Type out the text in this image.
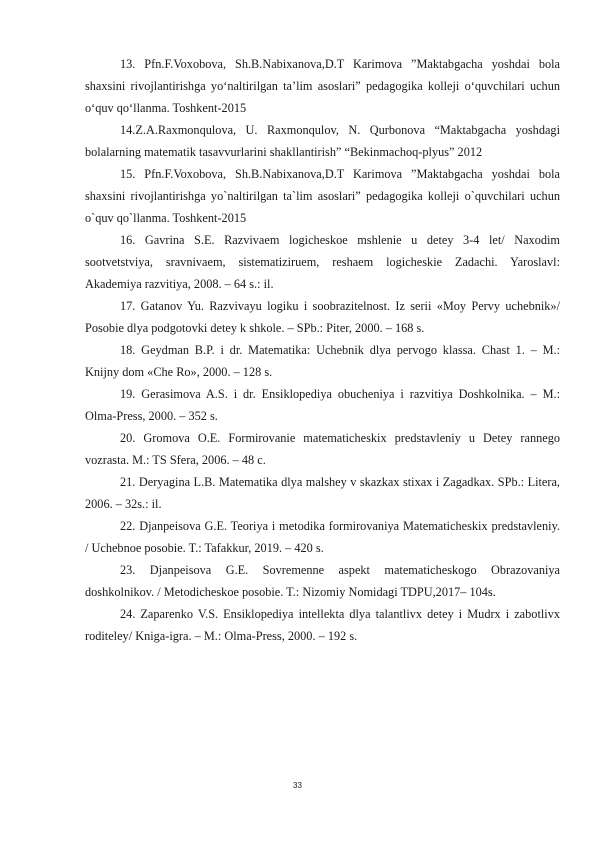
13. Pfn.F.Voxobova, Sh.B.Nabixanova,D.T Karimova ”Maktabgacha yoshdai bola shaxsini rivojlantirishga yo‘naltirilgan ta’lim asoslari” pedagogika kolleji o‘quvchilari uchun o‘quv qo‘llanma. Toshkent-2015

14.Z.A.Raxmonqulova, U. Raxmonqulov, N. Qurbonova “Maktabgacha yoshdagi bolalarning matematik tasavvurlarini shakllantirish” “Bekinmachoq-plyus” 2012

15. Pfn.F.Voxobova, Sh.B.Nabixanova,D.T Karimova ”Maktabgacha yoshdai bola shaxsini rivojlantirishga yo`naltirilgan ta`lim asoslari” pedagogika kolleji o`quvchilari uchun o`quv qo`llanma. Toshkent-2015

16. Gavrina S.E. Razvivaem logicheskoe mshlenie u detey 3-4 let/ Naxodim sootvetstviya, sravnivaem, sistematiziruem, reshaem logicheskie Zadachi. Yaroslavl: Akademiya razvitiya, 2008. – 64 s.: il.

17. Gatanov Yu. Razvivayu logiku i soobrazitelnost. Iz serii «Moy Pervy uchebnik»/ Posobie dlya podgotovki detey k shkole. – SPb.: Piter, 2000. – 168 s.

18. Geydman B.P. i dr. Matematika: Uchebnik dlya pervogo klassa. Chast 1. – M.: Knijny dom «Che Ro», 2000. – 128 s.

19. Gerasimova A.S. i dr. Ensiklopediya obucheniya i razvitiya Doshkolnika. – M.: Olma-Press, 2000. – 352 s.

20. Gromova O.E. Formirovanie matematicheskix predstavleniy u Detey rannego vozrasta. M.: TS Sfera, 2006. – 48 c.

21. Deryagina L.B. Matematika dlya malshey v skazkax stixax i Zagadkax. SPb.: Litera, 2006. – 32s.: il.

22. Djanpeisova G.E. Teoriya i metodika formirovaniya Matematicheskix predstavleniy. / Uchebnoe posobie. T.: Tafakkur, 2019. – 420 s.

23. Djanpeisova G.E. Sovremenne aspekt matematicheskogo Obrazovaniya doshkolnikov. / Metodicheskoe posobie. T.: Nizomiy Nomidagi TDPU,2017– 104s.

24. Zaparenko V.S. Ensiklopediya intellekta dlya talantlivx detey i Mudrx i zabotlivx roditeley/ Kniga-igra. – M.: Olma-Press, 2000. – 192 s.

33
